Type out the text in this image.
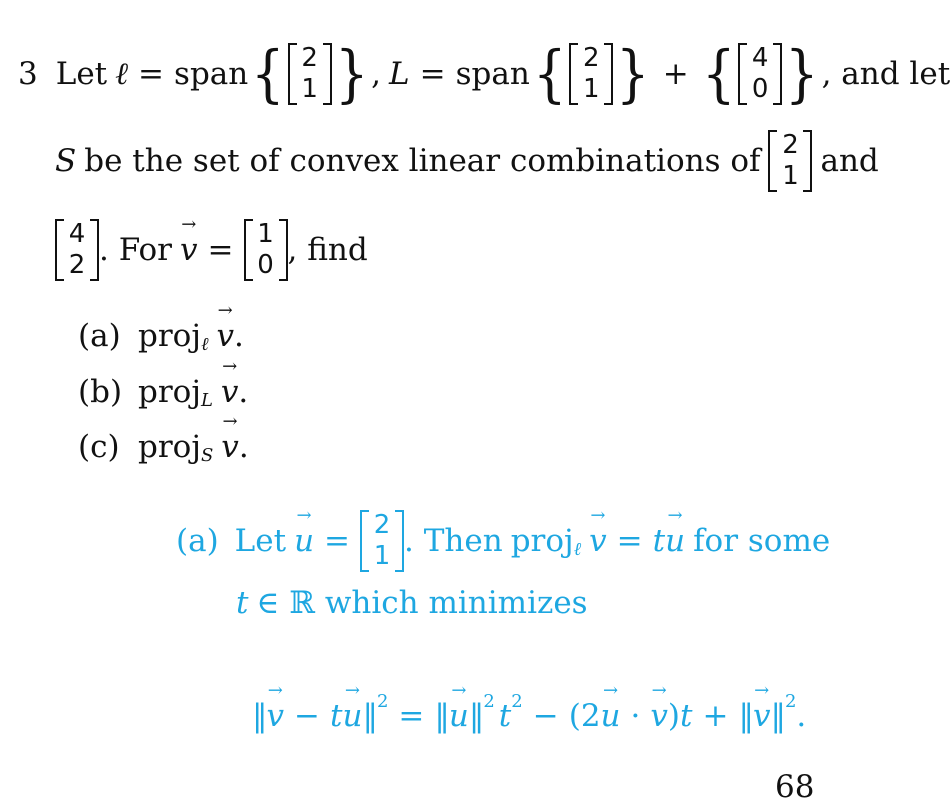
3 Let ℓ = span { 2
1 } , L = span { 2
1 } + { 4
0 } , and let
S be the set of convex linear combinations of 2
1 and
4
2 . For → v = 1
0 , find
(a) proj ℓ → v .
(b) proj L → v .
(c) proj S → v .
(a) Let → u = 2
1 . Then proj ℓ → v = t → u for some
t ∈ ℝ which minimizes
‖ → v − t → u ‖ 2 = ‖ → u ‖ 2 t 2 − ( 2 → u · → v ) t + ‖ → v ‖ 2 .
68
